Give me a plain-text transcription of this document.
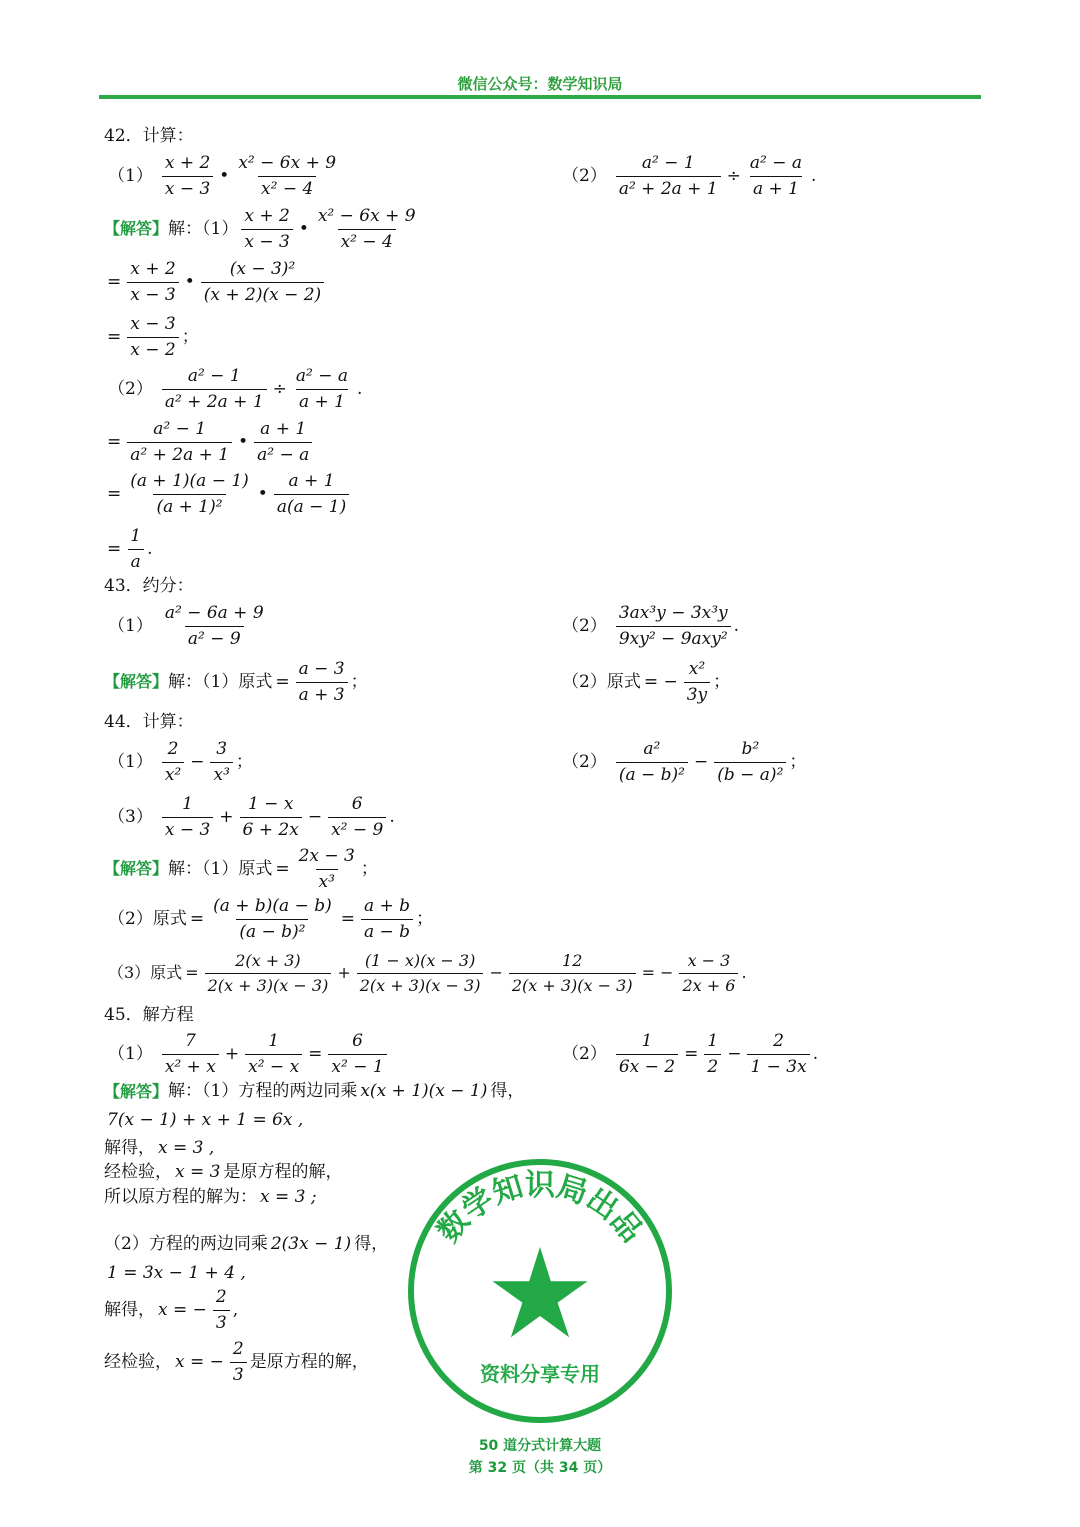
微信公众号：数学知识局
42．计算：
$(1) \frac{x + 2}{x - 3}$ • $\frac{\text{x² − 6x + 9}}{\text{x² − 4}}$	$(2) \frac{\text{a² − 1}}{\text{a² + 2a + 1}} \div \frac{\text{a² − a}}{a + 1}$ .
【解答】 解：$(1) \frac{x + 2}{x - 3}$ • $\frac{\text{x² − 6x + 9}}{\text{x² − 4}}$
= $\frac{x + 2}{x - 3}$ • $\frac{\text{(x − 3)²}}{(x + 2)(x - 2)}$
= $\frac{x - 3}{x - 2}$ ；
$(2) \frac{\text{a² − 1}}{\text{a² + 2a + 1}} \div \frac{\text{a² − a}}{a + 1}$ .
= $\frac{\text{a² − 1}}{\text{a² + 2a + 1}}$ • $\frac{a + 1}{\text{a² − a}}$
= $\frac{(a + 1)(a - 1)}{\text{(a + 1)²}}$ • $\frac{a + 1}{a(a - 1)}$
= $\frac{1}{a}$ .
43．约分：
$(1) \frac{\text{a² − 6a + 9}}{\text{a² − 9}}$	$(2) \frac{\text{3ax³y − 3x³y}}{\text{9xy² − 9axy²}}$ .
【解答】 解：（1）原式 = $\frac{a - 3}{a + 3}$ ；	（2）原式 = − $\frac{\text{x²}}{3y}$ ；
44．计算：
$(1) \frac{2}{\text{x²}} - \frac{3}{\text{x³}}$ ；	$(2) \frac{\text{a²}}{\text{(a − b)²}} - \frac{\text{b²}}{\text{(b − a)²}}$ ；
$(3) \frac{1}{x - 3} + \frac{1 - x}{6 + 2x} - \frac{6}{\text{x² − 9}}$ .
【解答】 解：（1）原式 = $\frac{2x - 3}{\text{x³}}$ ；
（2）原式 = $\frac{(a + b)(a - b)}{\text{(a − b)²}} = \frac{a + b}{a - b}$ ；
（3）原式 = $\frac{2(x + 3)}{2(x + 3)(x - 3)} + \frac{(1 - x)(x - 3)}{2(x + 3)(x - 3)} - \frac{12}{2(x + 3)(x - 3)}$ = − $\frac{x - 3}{2x + 6}$ .
45．解方程
$(1) \frac{7}{\text{x² + x}} + \frac{1}{\text{x² − x}} = \frac{6}{\text{x² − 1}}$	$(2) \frac{1}{6x - 2} = \frac{1}{2} - \frac{2}{1 - 3x}$ .
【解答】 解：（1）方程的两边同乘 x(x + 1)(x − 1) 得，
7(x − 1) + x + 1 = 6x ,
解得， x = 3 ,
经检验， x = 3 是原方程的解，
所以原方程的解为： x = 3 ;
（2）方程的两边同乘 2(3x − 1) 得，
1 = 3x − 1 + 4 ,
解得， x = − $\frac{2}{3}$ ,
经检验， x = − $\frac{2}{3}$ 是原方程的解，
数学知识局出品
资料分享专用
50 道分式计算大题
第 32 页（共 34 页）
